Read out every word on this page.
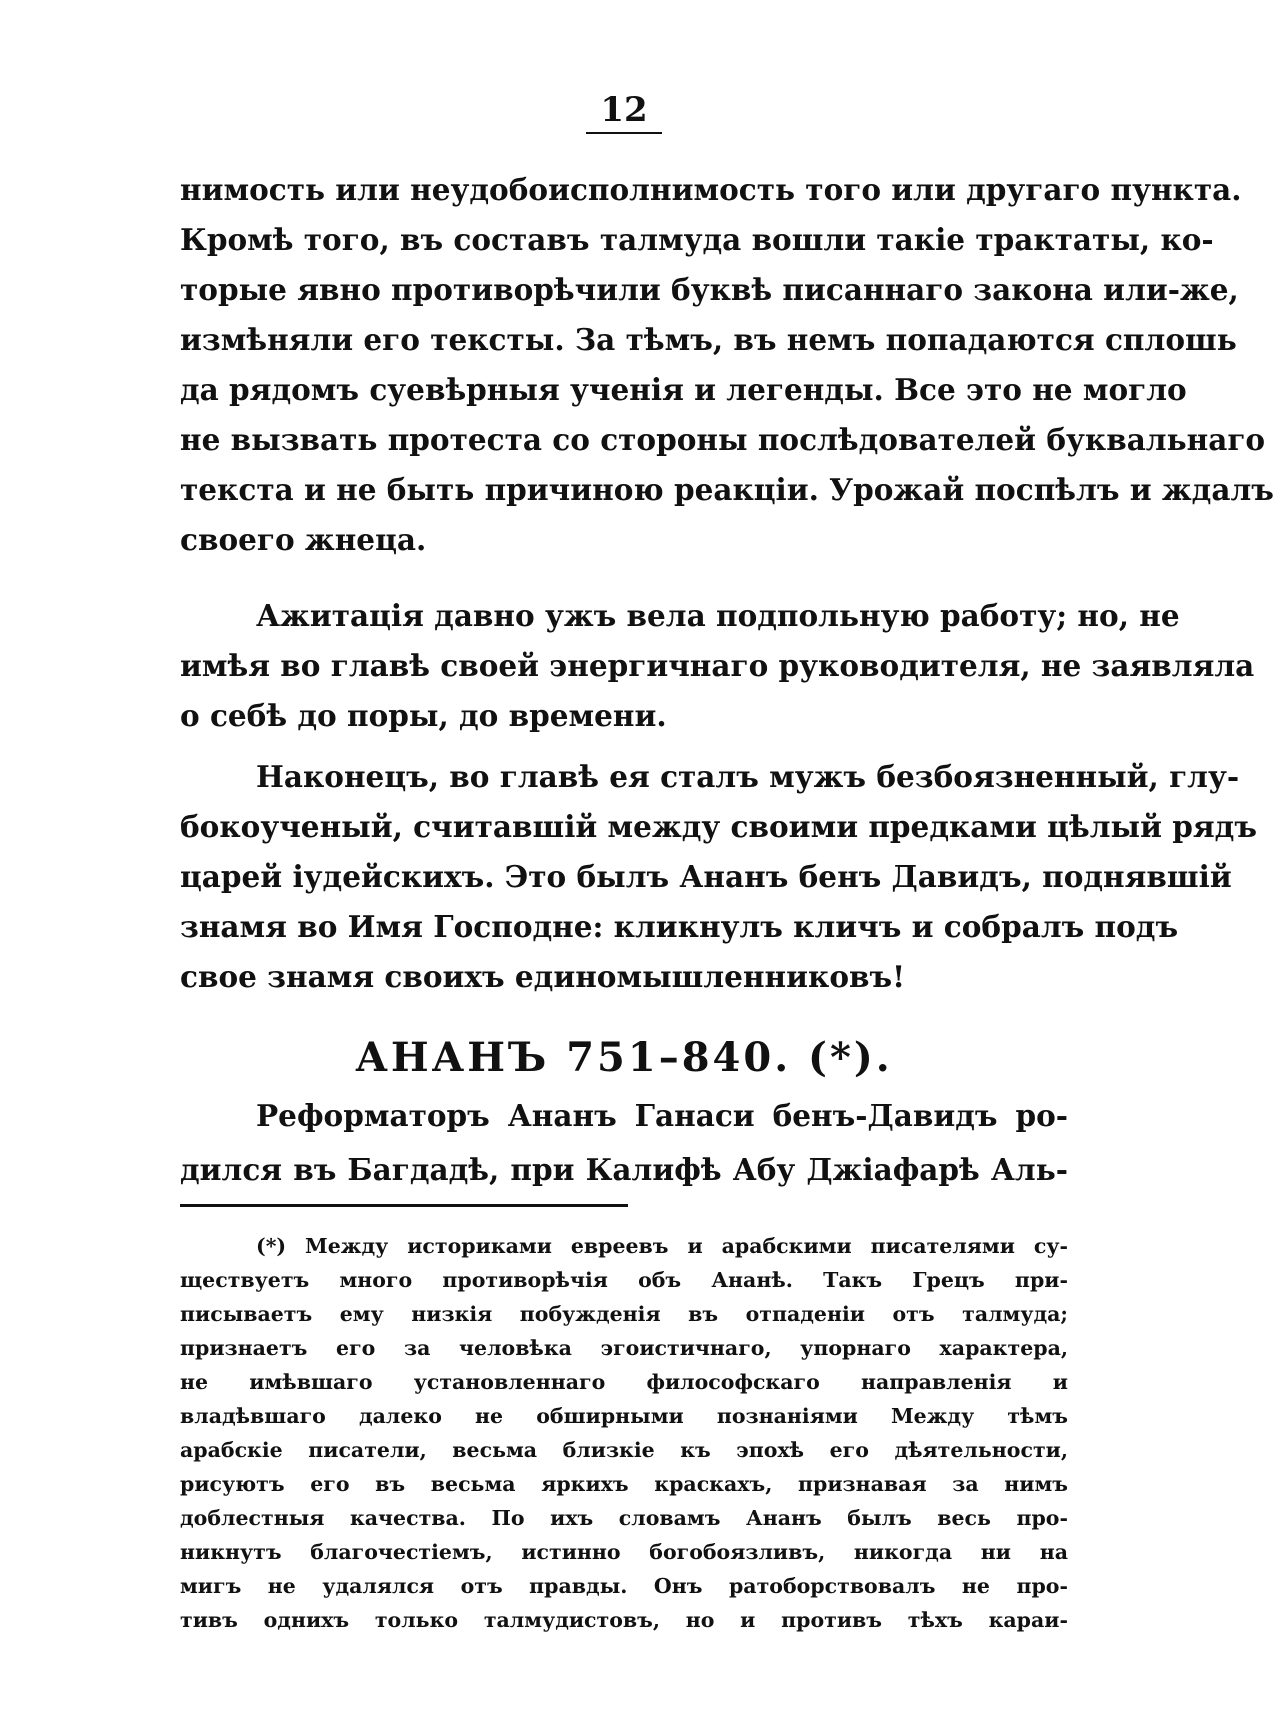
12
нимость или неудобоисполнимость того или другаго пункта.
Кромѣ того, въ составъ талмуда вошли такіе трактаты, ко-
торые явно противорѣчили буквѣ писаннаго закона или-же,
измѣняли его тексты. За тѣмъ, въ немъ попадаются сплошь
да рядомъ суевѣрныя ученія и легенды. Все это не могло
не вызвать протеста со стороны послѣдователей буквальнаго
текста и не быть причиною реакціи. Урожай поспѣлъ и ждалъ
своего жнеца.
Ажитація давно ужъ вела подпольную работу; но, не
имѣя во главѣ своей энергичнаго руководителя, не заявляла
о себѣ до поры, до времени.
Наконецъ, во главѣ ея сталъ мужъ безбоязненный, глу-
бокоученый, считавшій между своими предками цѣлый рядъ
царей іудейскихъ. Это былъ Ананъ бенъ Давидъ, поднявшій
знамя во Имя Господне: кликнулъ кличъ и собралъ подъ
свое знамя своихъ единомышленниковъ!
АНАНЪ 751–840. (*).
Реформаторъ Ананъ Ганаси бенъ-Давидъ ро-
дился въ Багдадѣ, при Калифѣ Абу Джіафарѣ Аль-
(*) Между историками евреевъ и арабскими писателями су-
ществуетъ много противорѣчія объ Ананѣ. Такъ Грецъ при-
писываетъ ему низкія побужденія въ отпаденіи отъ талмуда;
признаетъ его за человѣка эгоистичнаго, упорнаго характера,
не имѣвшаго установленнаго философскаго направленія и
владѣвшаго далеко не обширными познаніями Между тѣмъ
арабскіе писатели, весьма близкіе къ эпохѣ его дѣятельности,
рисуютъ его въ весьма яркихъ краскахъ, признавая за нимъ
доблестныя качества. По ихъ словамъ Ананъ былъ весь про-
никнутъ благочестіемъ, истинно богобоязливъ, никогда ни на
мигъ не удалялся отъ правды. Онъ ратоборствовалъ не про-
тивъ однихъ только талмудистовъ, но и противъ тѣхъ караи-
